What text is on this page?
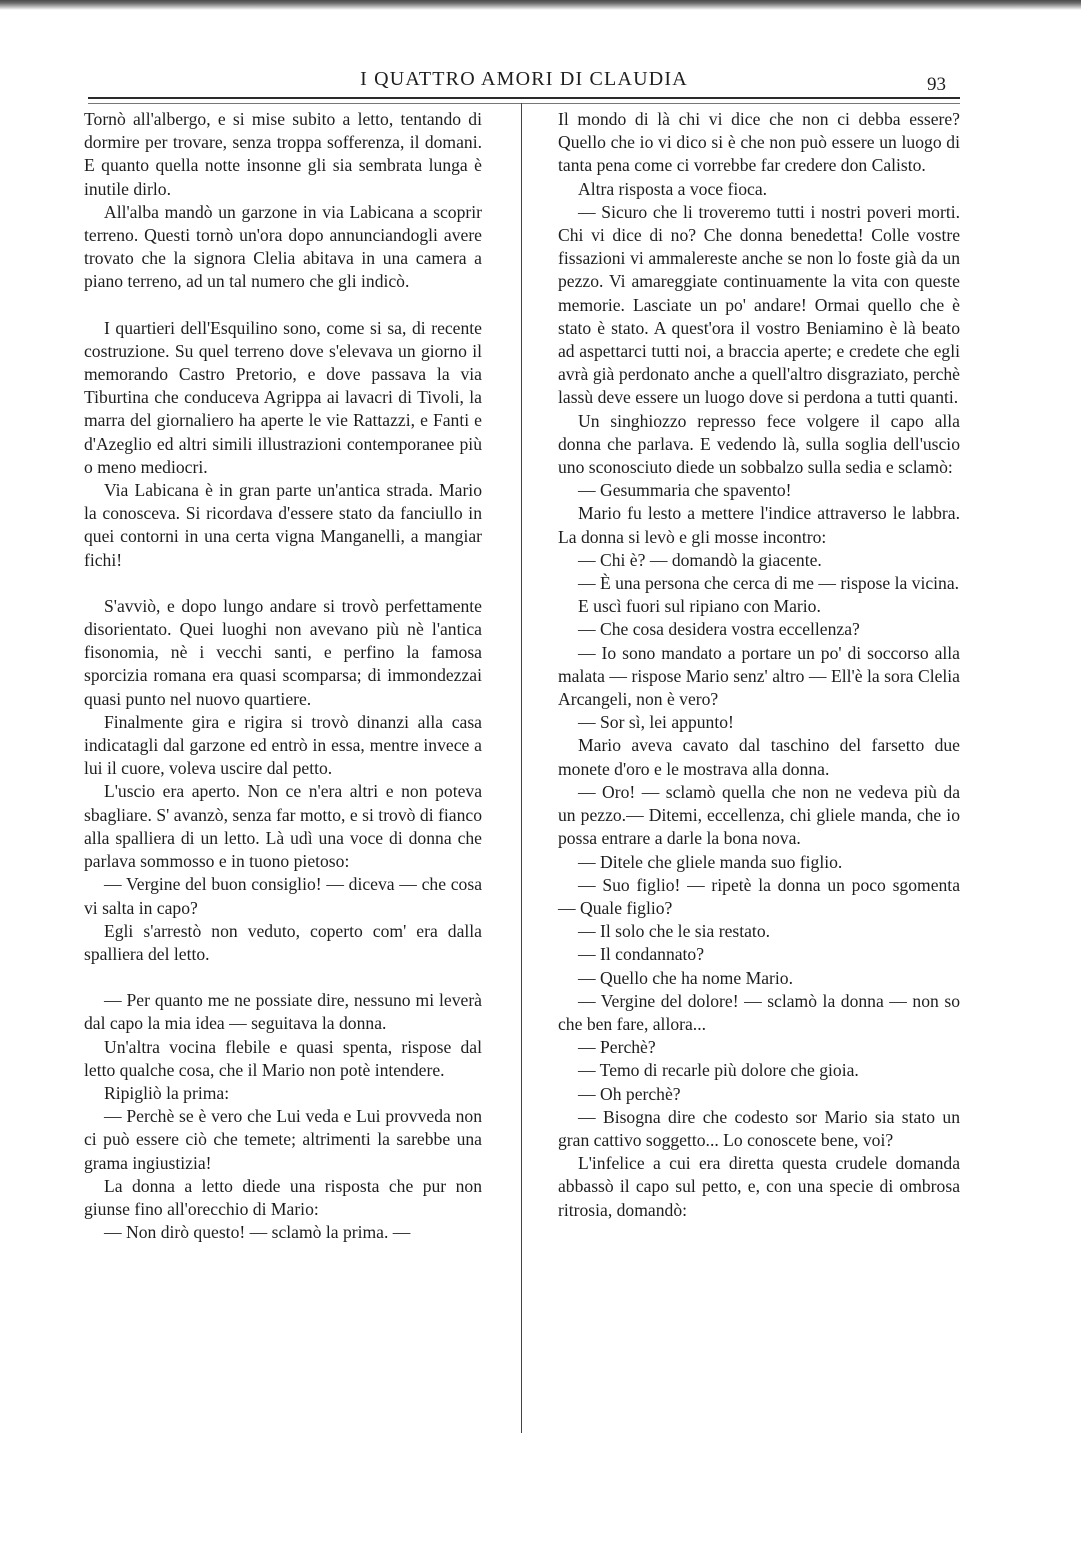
I QUATTRO AMORI DI CLAUDIA	93

Tornò all'albergo, e si mise subito a letto, tentando di dormire per trovare, senza troppa sofferenza, il domani. E quanto quella notte insonne gli sia sembrata lunga è inutile dirlo.

All'alba mandò un garzone in via Labicana a scoprir terreno. Questi tornò un'ora dopo annunciandogli avere trovato che la signora Clelia abitava in una camera a piano terreno, ad un tal numero che gli indicò.

I quartieri dell'Esquilino sono, come si sa, di recente costruzione. Su quel terreno dove s'elevava un giorno il memorando Castro Pretorio, e dove passava la via Tiburtina che conduceva Agrippa ai lavacri di Tivoli, la marra del giornaliero ha aperte le vie Rattazzi, e Fanti e d'Azeglio ed altri simili illustrazioni contemporanee più o meno mediocri.

Via Labicana è in gran parte un'antica strada. Mario la conosceva. Si ricordava d'essere stato da fanciullo in quei contorni in una certa vigna Manganelli, a mangiar fichi!

S'avviò, e dopo lungo andare si trovò perfettamente disorientato. Quei luoghi non avevano più nè l'antica fisonomia, nè i vecchi santi, e perfino la famosa sporcizia romana era quasi scomparsa; di immondezzai quasi punto nel nuovo quartiere.

Finalmente gira e rigira si trovò dinanzi alla casa indicatagli dal garzone ed entrò in essa, mentre invece a lui il cuore, voleva uscire dal petto.

L'uscio era aperto. Non ce n'era altri e non poteva sbagliare. S' avanzò, senza far motto, e si trovò di fianco alla spalliera di un letto. Là udì una voce di donna che parlava sommosso e in tuono pietoso:

— Vergine del buon consiglio! — diceva — che cosa vi salta in capo?

Egli s'arrestò non veduto, coperto com' era dalla spalliera del letto.

— Per quanto me ne possiate dire, nessuno mi leverà dal capo la mia idea — seguitava la donna.

Un'altra vocina flebile e quasi spenta, rispose dal letto qualche cosa, che il Mario non potè intendere.

Ripigliò la prima:

— Perchè se è vero che Lui veda e Lui provveda non ci può essere ciò che temete; altrimenti la sarebbe una grama ingiustizia!

La donna a letto diede una risposta che pur non giunse fino all'orecchio di Mario:

— Non dirò questo! — sclamò la prima. —

Il mondo di là chi vi dice che non ci debba essere? Quello che io vi dico si è che non può essere un luogo di tanta pena come ci vorrebbe far credere don Calisto.

Altra risposta a voce fioca.

— Sicuro che li troveremo tutti i nostri poveri morti. Chi vi dice di no? Che donna benedetta! Colle vostre fissazioni vi ammalereste anche se non lo foste già da un pezzo. Vi amareggiate continuamente la vita con queste memorie. Lasciate un po' andare! Ormai quello che è stato è stato. A quest'ora il vostro Beniamino è là beato ad aspettarci tutti noi, a braccia aperte; e credete che egli avrà già perdonato anche a quell'altro disgraziato, perchè lassù deve essere un luogo dove si perdona a tutti quanti.

Un singhiozzo represso fece volgere il capo alla donna che parlava. E vedendo là, sulla soglia dell'uscio uno sconosciuto diede un sobbalzo sulla sedia e sclamò:

— Gesummaria che spavento!

Mario fu lesto a mettere l'indice attraverso le labbra. La donna si levò e gli mosse incontro:

— Chi è? — domandò la giacente.

— È una persona che cerca di me — rispose la vicina.

E uscì fuori sul ripiano con Mario.

— Che cosa desidera vostra eccellenza?

— Io sono mandato a portare un po' di soccorso alla malata — rispose Mario senz' altro — Ell'è la sora Clelia Arcangeli, non è vero?

— Sor sì, lei appunto!

Mario aveva cavato dal taschino del farsetto due monete d'oro e le mostrava alla donna.

— Oro! — sclamò quella che non ne vedeva più da un pezzo.— Ditemi, eccellenza, chi gliele manda, che io possa entrare a darle la bona nova.

— Ditele che gliele manda suo figlio.

— Suo figlio! — ripetè la donna un poco sgomenta — Quale figlio?

— Il solo che le sia restato.

— Il condannato?

— Quello che ha nome Mario.

— Vergine del dolore! — sclamò la donna — non so che ben fare, allora...

— Perchè?

— Temo di recarle più dolore che gioia.

— Oh perchè?

— Bisogna dire che codesto sor Mario sia stato un gran cattivo soggetto... Lo conoscete bene, voi?

L'infelice a cui era diretta questa crudele domanda abbassò il capo sul petto, e, con una specie di ombrosa ritrosia, domandò:
